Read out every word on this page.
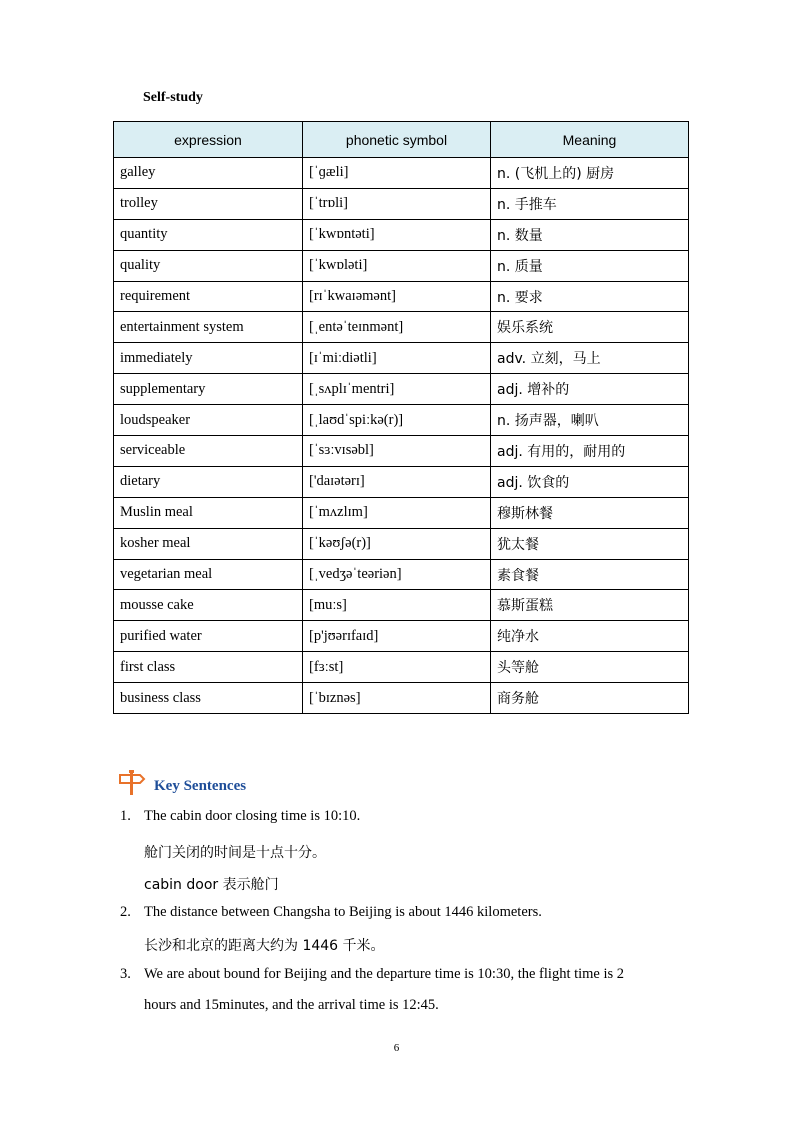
Self-study
expression	phonetic symbol	Meaning
galley	[ˈɡæli]	n. (飞机上的) 厨房
trolley	[ˈtrɒli]	n. 手推车
quantity	[ˈkwɒntəti]	n. 数量
quality	[ˈkwɒləti]	n. 质量
requirement	[rɪˈkwaɪəmənt]	n. 要求
entertainment system	[ˌentəˈteɪnmənt]	娱乐系统
immediately	[ɪˈmiːdiətli]	adv. 立刻，马上
supplementary	[ˌsʌplɪˈmentri]	adj. 增补的
loudspeaker	[ˌlaʊdˈspiːkə(r)]	n. 扬声器，喇叭
serviceable	[ˈsɜːvɪsəbl]	adj. 有用的，耐用的
dietary	['daɪətərɪ]	adj. 饮食的
Muslin meal	[ˈmʌzlɪm]	穆斯林餐
kosher meal	[ˈkəʊʃə(r)]	犹太餐
vegetarian meal	[ˌvedʒəˈteəriən]	素食餐
mousse cake	[muːs]	慕斯蛋糕
purified water	[p'jʊərɪfaɪd]	纯净水
first class	[fɜːst]	头等舱
business class	[ˈbɪznəs]	商务舱
Key Sentences
1. The cabin door closing time is 10:10.
舱门关闭的时间是十点十分。
cabin door 表示舱门
2. The distance between Changsha to Beijing is about 1446 kilometers.
长沙和北京的距离大约为 1446 千米。
3. We are about bound for Beijing and the departure time is 10:30, the flight time is 2
hours and 15minutes, and the arrival time is 12:45.
6
